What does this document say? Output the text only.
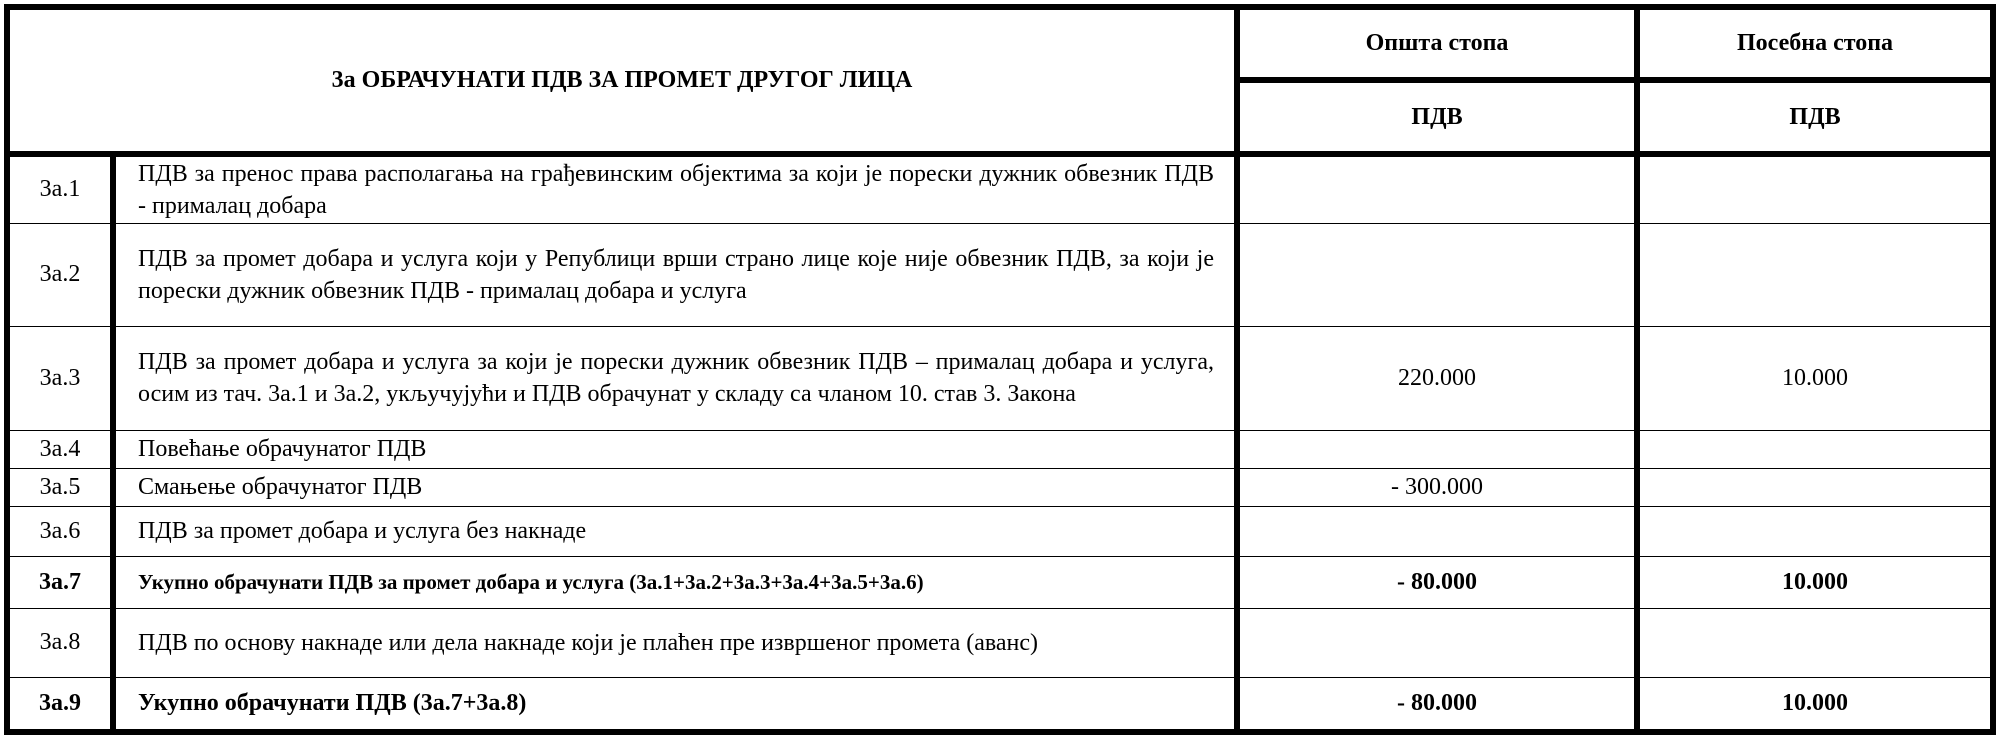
3а ОБРАЧУНАТИ ПДВ ЗА ПРОМЕТ ДРУГОГ ЛИЦА		Општа стопа	Посебна стопа
		ПДВ	ПДВ
3а.1	ПДВ за пренос права располагања на грађевинским објектима за који је порески дужник обвезник ПДВ - прималац добара		
3а.2	ПДВ за промет добара и услуга који у Републици врши страно лице које није обвезник ПДВ, за који је порески дужник обвезник ПДВ - прималац добара и услуга		
3а.3	ПДВ за промет добара и услуга за који је порески дужник обвезник ПДВ – прималац добара и услуга, осим из тач. 3а.1 и 3а.2, укључујући и ПДВ обрачунат у складу са чланом 10. став 3. Закона	220.000	10.000
3а.4	Повећање обрачунатог ПДВ		
3а.5	Смањење обрачунатог ПДВ	- 300.000	
3а.6	ПДВ за промет добара и услуга без накнаде		
3а.7	Укупно обрачунати ПДВ за промет добара и услуга (3а.1+3а.2+3а.3+3а.4+3а.5+3а.6)	- 80.000	10.000
3а.8	ПДВ по основу накнаде или дела накнаде који је плаћен пре извршеног промета (аванс)		
3а.9	Укупно обрачунати ПДВ (3а.7+3а.8)	- 80.000	10.000
